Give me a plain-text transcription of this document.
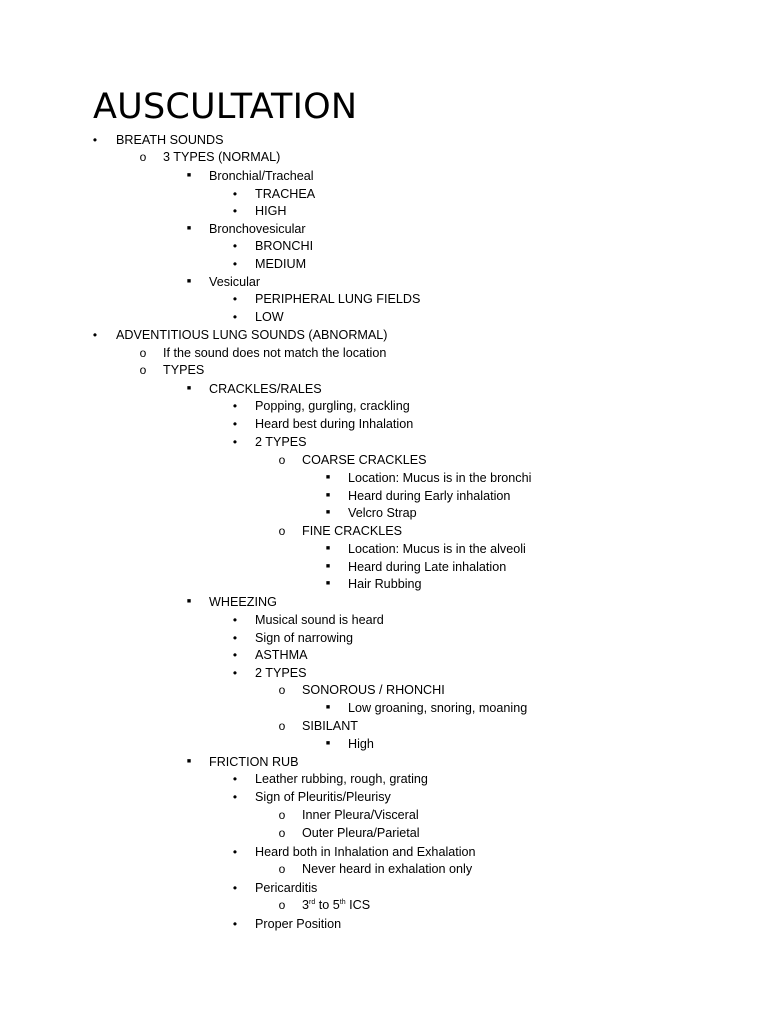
AUSCULTATION
•	BREATH SOUNDS
o 3 TYPES (NORMAL)
■	Bronchial/Tracheal
•	TRACHEA
•	HIGH
■	Bronchovesicular
•	BRONCHI
•	MEDIUM
■	Vesicular
•	PERIPHERAL LUNG FIELDS
•	LOW
•	ADVENTITIOUS LUNG SOUNDS (ABNORMAL)
o If the sound does not match the location
o TYPES
■	CRACKLES/RALES
•	Popping, gurgling, crackling
•	Heard best during Inhalation
•	2 TYPES
o COARSE CRACKLES
■	Location: Mucus is in the bronchi
■	Heard during Early inhalation
■	Velcro Strap
o FINE CRACKLES
■	Location: Mucus is in the alveoli
■	Heard during Late inhalation
■	Hair Rubbing
■	WHEEZING
•	Musical sound is heard
•	Sign of narrowing
•	ASTHMA
•	2 TYPES
o SONOROUS / RHONCHI
■	Low groaning, snoring, moaning
o SIBILANT
■	High
■	FRICTION RUB
•	Leather rubbing, rough, grating
•	Sign of Pleuritis/Pleurisy
o Inner Pleura/Visceral
o Outer Pleura/Parietal
•	Heard both in Inhalation and Exhalation
o Never heard in exhalation only
•	Pericarditis
o 3rd to 5th ICS
•	Proper Position
